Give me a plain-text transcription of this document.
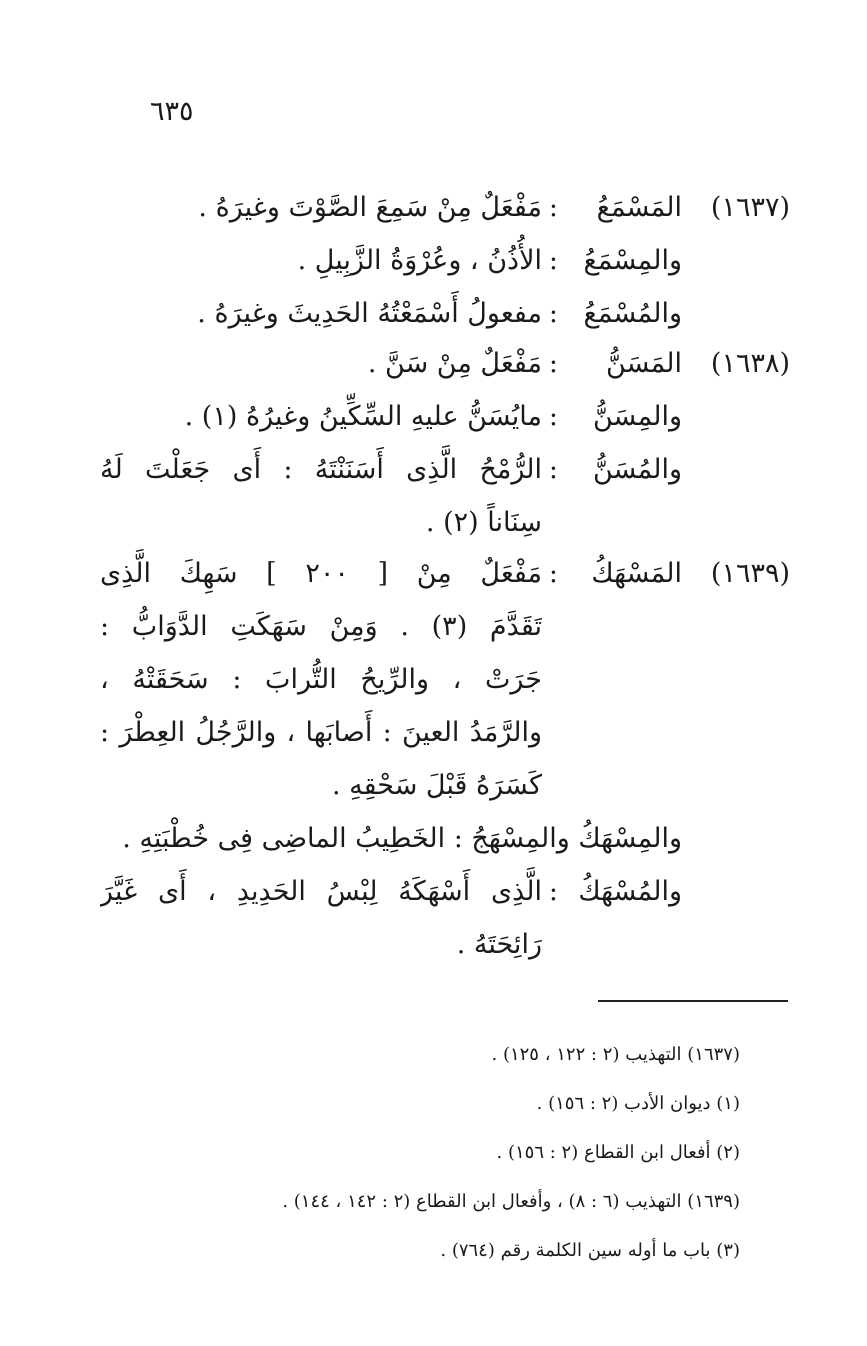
٦٣٥
(١٦٣٧)
المَسْمَعُ
:
مَفْعَلٌ مِنْ سَمِعَ الصَّوْتَ وغيرَهُ .
والمِسْمَعُ
:
الأُذُنُ ، وعُرْوَةُ الزَّبِيلِ .
والمُسْمَعُ
:
مفعولُ أَسْمَعْتُهُ الحَدِيثَ وغيرَهُ .
(١٦٣٨)
المَسَنُّ
:
مَفْعَلٌ مِنْ سَنَّ .
والمِسَنُّ
:
مايُسَنُّ عليهِ السِّكِّينُ وغيرُهُ (١) .
والمُسَنُّ
:
الرُّمْحُ الَّذِى أَسَنَنْتَهُ : أَى جَعَلْتَ لَهُ
سِنَاناً (٢) .
(١٦٣٩)
المَسْهَكُ
:
مَفْعَلٌ مِنْ [ ٢٠٠ ] سَهِكَ الَّذِى
تَقَدَّمَ (٣) . وَمِنْ سَهَكَتِ الدَّوَابُّ :
جَرَتْ ، والرِّيحُ التُّرابَ : سَحَقَتْهُ ،
والرَّمَدُ العينَ : أَصابَها ، والرَّجُلُ العِطْرَ :
كَسَرَهُ قَبْلَ سَحْقِهِ .
والمِسْهَكُ والمِسْهَجُ : الخَطِيبُ الماضِى فِى خُطْبَتِهِ .
والمُسْهَكُ
:
الَّذِى أَسْهَكَهُ لِبْسُ الحَدِيدِ ، أَى غَيَّرَ
رَائِحَتَهُ .
(١٦٣٧) التهذيب (٢ : ١٢٢ ، ١٢٥) .
(١) ديوان الأدب (٢ : ١٥٦) .
(٢) أفعال ابن القطاع (٢ : ١٥٦) .
(١٦٣٩) التهذيب (٦ : ٨) ، وأفعال ابن القطاع (٢ : ١٤٢ ، ١٤٤) .
(٣) باب ما أوله سين الكلمة رقم (٧٦٤) .
